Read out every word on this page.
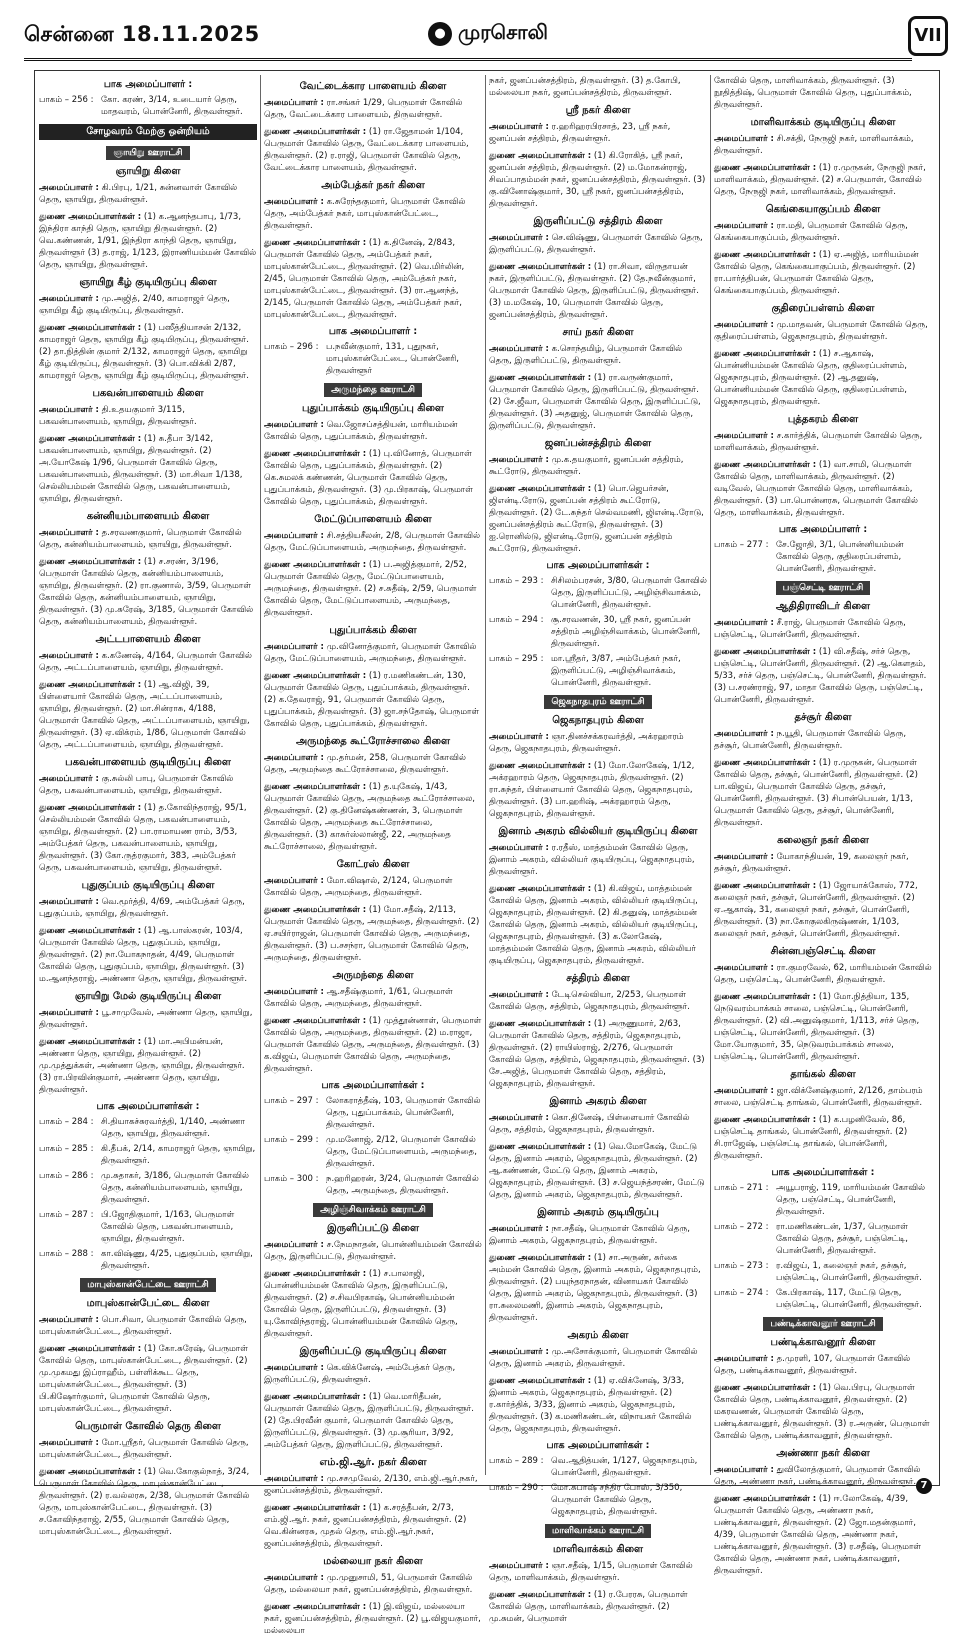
சென்னை 18.11.2025	● முரசொலி	VII
பாக அமைப்பாளர் :
பாகம் – 256 : கோ. கரண், 3/14, உடையார் தெரு, மாதவரம், பொன்னேரி, திருவள்ளூர்.
சோழவரம் மேற்கு ஒன்றியம்
ஞாயிறு ஊராட்சி
ஞாயிறு கிளை
அமைப்பாளர் : கி.பிரபு, 1/21, சுன்னவாள் கோவில் தெரு, ஞாயிறு, திருவள்ளூர்.
துணை அமைப்பாளர்கள் : (1) க.ஆனந்தபாபு, 1/73, இந்திரா காந்தி தெரு, ஞாயிறு திருவள்ளூர். (2) வெ.கண்ணன், 1/91, இந்திரா காந்தி தெரு, ஞாயிறு, திருவள்ளூர் (3) த.ராஜ், 1/123, இராணியம்மன் கோவில் தெரு, ஞாயிறு, திருவள்ளூர்.
ஞாயிறு கீழ் குடியிருப்பு கிளை
அமைப்பாளர் : மு.அஜித், 2/40, காமராஜர் தெரு, ஞாயிறு கீழ் குடியிருப்பு, திருவள்ளூர்.
துணை அமைப்பாளர்கள் : (1) பஸீத்தியாசன் 2/132, காமராஜர் தெரு, ஞாயிறு கீழ் குடியிருப்பு, திருவள்ளூர். (2) தா.நித்தின் குமார் 2/132, காமராஜர் தெரு, ஞாயிறு கீழ் குடியிருப்பு, திருவள்ளூர். (3) பொ.விக்கி 2/87, காமராஜர் தெரு, ஞாயிறு கீழ் குடியிருப்பு, திருவள்ளூர்.
பகவன்பாளையம் கிளை
அமைப்பாளர் : தி.உதயகுமார் 3/115, பகவன்பாளையம், ஞாயிறு, திருவள்ளூர்.
துணை அமைப்பாளர்கள் : (1) சு.தீபா 3/142, பகவன்பாளையம், ஞாயிறு, திருவள்ளூர். (2) அ.யோகேஷ் 1/96, பெருமாள் கோவில் தெரு, பகவன்பாளையம், திருவள்ளூர். (3) மா.சிவா 1/138, செல்லியம்மன் கோவில் தெரு, பகவன்பாளையம், ஞாயிறு, திருவள்ளூர்.
கன்னியம்பாளையம் கிளை
அமைப்பாளர் : த.சரவணகுமார், பெருமாள் கோவில் தெரு, கன்னியம்பாளையம், ஞாயிறு, திருவள்ளூர்.
துணை அமைப்பாளர்கள் : (1) ச.சரண், 3/196, பெருமாள் கோவில் தெரு, கன்னியம்பாளையம், ஞாயிறு, திருவள்ளூர். (2) ரா.குணால், 3/59, பெருமாள் கோவில் தெரு, கன்னியம்பாளையம், ஞாயிறு, திருவள்ளூர். (3) மு.சுரேஷ், 3/185, பெருமாள் கோவில் தெரு, கன்னியம்பாளையம், திருவள்ளூர்.
அட்டபாளையம் கிளை
அமைப்பாளர் : க.கணேஷ், 4/164, பெருமாள் கோவில் தெரு, அட்டப்பாளையம், ஞாயிறு, திருவள்ளூர்.
துணை அமைப்பாளர்கள் : (1) ஆ.விஜி, 39, பிள்ளையார் கோவில் தெரு, அட்டப்பாளையம், ஞாயிறு, திருவள்ளூர். (2) மா.சின்ராசு, 4/188, பெருமாள் கோவில் தெரு, அட்டப்பாளையம், ஞாயிறு, திருவள்ளூர். (3) ஏ.விக்ரம், 1/86, பெருமாள் கோவில் தெரு, அட்டப்பாளையம், ஞாயிறு, திருவள்ளூர்.
பகவன்பாளையம் குடியிருப்பு கிளை
அமைப்பாளர் : கு.சுல்லி பாபு, பெருமாள் கோவில் தெரு, பகவன்பாளையம், ஞாயிறு, திருவள்ளூர்.
துணை அமைப்பாளர்கள் : (1) த.கோவிந்தராஜ், 95/1, செல்லியம்மன் கோவில் தெரு, பகவன்பாளையம், ஞாயிறு, திருவள்ளூர். (2) பா.ராமாயண ராம், 3/53, அம்பேத்கர் தெரு, பகவன்பாளையம், ஞாயிறு, திருவள்ளூர். (3) கோ.ருத்ரகுமார், 383, அம்பேத்கர் தெரு, பகவன்பாளையம், ஞாயிறு, திருவள்ளூர்.
புதுகுப்பம் குடியிருப்பு கிளை
அமைப்பாளர் : வெ.மூர்த்தி, 4/69, அம்பேத்கர் தெரு, புதுகுப்பம், ஞாயிறு, திருவள்ளூர்.
துணை அமைப்பாளர்கள் : (1) ஆ.பாஸ்கரன், 103/4, பெருமாள் கோவில் தெரு, புதுகுப்பம், ஞாயிறு, திருவள்ளூர். (2) நா.யோகநாதன், 4/49, பெருமாள் கோவில் தெரு, புதுகுப்பம், ஞாயிறு, திருவள்ளூர். (3) ம.ஆனந்தராஜ், அண்ணா தெரு, ஞாயிறு, திருவள்ளூர்.
ஞாயிறு மேல் குடியிருப்பு கிளை
அமைப்பாளர் : பூ.சாமுவேல், அண்ணா தெரு, ஞாயிறு, திருவள்ளூர்.
துணை அமைப்பாளர்கள் : (1) மா.அபிமன்யன், அண்ணா தெரு, ஞாயிறு, திருவள்ளூர். (2) மு.முத்துக்கள், அண்ணா தெரு, ஞாயிறு, திருவள்ளூர். (3) ரா.பிரவின்குமார், அண்ணா தெரு, ஞாயிறு, திருவள்ளூர்.
பாக அமைப்பாளர்கள் :
பாகம் – 284 : சி.தியாகச்சுரவர்த்தி, 1/140, அண்ணா தெரு, ஞாயிறு, திருவள்ளூர்.
பாகம் – 285 : கி.தீபக், 2/14, காமராஜர் தெரு, ஞாயிறு, திருவள்ளூர்.
பாகம் – 286 : மு.சுதாகர், 3/186, பெருமாள் கோவில் தெரு, கன்னியம்பாளையம், ஞாயிறு, திருவள்ளூர்.
பாகம் – 287 : பி.ஜோதிகுமார், 1/163, பெருமாள் கோவில் தெரு, பகவன்பாளையம், ஞாயிறு, திருவள்ளூர்.
பாகம் – 288 : கா.விஷ்ணு, 4/25, புதுகுப்பம், ஞாயிறு, திருவள்ளூர்.
மாபுஸ்கான்பேட்டை ஊராட்சி
மாபுஸ்கான்பேட்டை கிளை
அமைப்பாளர் : பொ.சிவா, பெருமாள் கோவில் தெரு, மாபுஸ்கான்பேட்டை, திருவள்ளூர்.
துணை அமைப்பாளர்கள் : (1) கோ.சுரேஷ், பெருமாள் கோவில் தெரு, மாபுஸ்கான்பேட்டை, திருவள்ளூர். (2) மு.முகமது இப்ராஹீம், பள்ளிக்கூட தெரு, மாபுஸ்கான்பேட்டை, திருவள்ளூர். (3) பி.கிஷோர்குமார், பெருமாள் கோவில் தெரு, மாபுஸ்கான்பேட்டை, திருவள்ளூர்.
பெருமாள் கோவில் தெரு கிளை
அமைப்பாளர் : மோ.ஸ்ரீதர், பெருமாள் கோவில் தெரு, மாபுஸ்கான்பேட்டை, திருவள்ளூர்.
துணை அமைப்பாளர்கள் : (1) வெ.கோகுல்நாத், 3/24, பெருமாள் கோவில் தெரு, மாபுஸ்கான்பேட்டை, திருவள்ளூர். (2) ர.வல்லரசு, 2/38, பெருமாள் கோவில் தெரு, மாபுஸ்கான்பேட்டை, திருவள்ளூர். (3) ச.கோவிந்தராஜ், 2/55, பெருமாள் கோவில் தெரு, மாபுஸ்கான்பேட்டை, திருவள்ளூர்.
வேட்டைக்கார பாளையம் கிளை
அமைப்பாளர் : ரா.சங்கர் 1/29, பெருமாள் கோவில் தெரு, வேட்டைக்கார பாளையம், திருவள்ளூர்.
துணை அமைப்பாளர்கள் : (1) ரா.ஜேதாமன் 1/104, பெருமாள் கோவில் தெரு, வேட்டைக்கார பாளையம், திருவள்ளூர். (2) ர.ராஜி, பெருமாள் கோவில் தெரு, வேட்டைக்கார பாளையம், திருவள்ளூர்.
அம்பேத்கர் நகர் கிளை
அமைப்பாளர் : க.சுரேந்தகுமார், பெருமாள் கோவில் தெரு, அம்பேத்கர் நகர், மாபுஸ்கான்பேட்டை, திருவள்ளூர்.
துணை அமைப்பாளர்கள் : (1) க.தினேஷ், 2/843, பெருமாள் கோவில் தெரு, அம்பேத்கர் நகர், மாபுஸ்கான்பேட்டை, திருவள்ளூர். (2) வெ.மிர்லின், 2/45, பெருமாள் கோவில் தெரு, அம்பேத்கர் நகர், மாபுஸ்கான்பேட்டை, திருவள்ளூர். (3) ரா.ஆனந்த், 2/145, பெருமாள் கோவில் தெரு, அம்பேத்கர் நகர், மாபுஸ்கான்பேட்டை, திருவள்ளூர்.
பாக அமைப்பாளர் :
பாகம் – 296 : ப.நவீன்குமார், 131, புதுநகர், மாபுஸ்கான்பேட்டை, பொன்னேரி, திருவள்ளூர்
அருமந்தை ஊராட்சி
புதுப்பாக்கம் குடியிருப்பு கிளை
அமைப்பாளர் : வெ.ஜோசப்சத்தியன், மாரியம்மன் கோவில் தெரு, புதுப்பாக்கம், திருவள்ளூர்.
துணை அமைப்பாளர்கள் : (1) பு.வினோத், பெருமாள் கோவில் தெரு, புதுப்பாக்கம், திருவள்ளூர். (2) கெ.சுமலக் கண்ணன், பெருமாள் கோவில் தெரு, புதுப்பாக்கம், திருவள்ளூர். (3) மு.பிரகாஷ், பெருமாள் கோவில் தெரு, புதுப்பாக்கம், திருவள்ளூர்.
மேட்டுப்பாளையம் கிளை
அமைப்பாளர் : சி.சத்தியசீலன், 2/8, பெருமாள் கோவில் தெரு, மேட்டுப்பாளையம், அருமந்தை, திருவள்ளூர்.
துணை அமைப்பாளர்கள் : (1) ப.அஜித்குமார், 2/52, பெருமாள் கோவில் தெரு, மேட்டுப்பாளையம், அருமந்தை, திருவள்ளூர். (2) ச.சுதீஷ், 2/59, பெருமாள் கோவில் தெரு, மேட்டுப்பாளையம், அருமந்தை, திருவள்ளூர்.
புதுப்பாக்கம் கிளை
அமைப்பாளர் : மு.வினோத்குமார், பெருமாள் கோவில் தெரு, மேட்டுப்பாளையம், அருமந்தை, திருவள்ளூர்.
துணை அமைப்பாளர்கள் : (1) ர.மணிகண்டன், 130, பெருமாள் கோவில் தெரு, புதுப்பாக்கம், திருவள்ளூர். (2) க.தேவராஜ், 91, பெருமாள் கோவில் தெரு, புதுப்பாக்கம், திருவள்ளூர். (3) ஜா.சந்தோஷ், பெருமாள் கோவில் தெரு, புதுப்பாக்கம், திருவள்ளூர்.
அருமந்தை கூட்ரோச்சாலை கிளை
அமைப்பாளர் : மு.தர்மன், 258, பெருமாள் கோவில் தெரு, அருமந்தை கூட்ரோச்சாலை, திருவள்ளூர்.
துணை அமைப்பாளர்கள் : (1) த.யுகேஷ், 1/43, பெருமாள் கோவில் தெரு, அருமந்தை கூட்ரோச்சாலை, திருவள்ளூர். (2) கு.தினேஷ்கண்ணன், 3, பெருமாள் கோவில் தெரு, அருமந்தை கூட்ரோச்சாலை, திருவள்ளூர். (3) காசுர்ஸ்லான்ஜீ, 22, அருமந்தை கூட்ரோச்சாலை, திருவள்ளூர்.
கோட்ரஸ் கிளை
அமைப்பாளர் : மோ.விஷால், 2/124, பெருமாள் கோவில் தெரு, அருமந்தை, திருவள்ளூர்.
துணை அமைப்பாளர்கள் : (1) மோ.சதீஷ், 2/113, பெருமாள் கோவில் தெரு, அருமந்தை, திருவள்ளூர். (2) ஏ.சயிர்ராஜன், பெருமாள் கோவில் தெரு, அருமந்தை, திருவள்ளூர். (3) ப.சசந்ரா, பெருமாள் கோவில் தெரு, அருமந்தை, திருவள்ளூர்.
அருமந்தை கிளை
அமைப்பாளர் : ஆ.சதீஷ்குமார், 1/61, பெருமாள் கோவில் தெரு, அருமந்தை, திருவள்ளூர்.
துணை அமைப்பாளர்கள் : (1) முத்தூன்னாள், பெருமாள் கோவில் தெரு, அருமந்தை, திருவள்ளூர். (2) ம.ராஜா, பெருமாள் கோவில் தெரு, அருமந்தை, திருவள்ளூர். (3) க.விஜய், பெருமாள் கோவில் தெரு, அருமந்தை, திருவள்ளூர்.
பாக அமைப்பாளர்கள் :
பாகம் – 297 : லோகராத்தீஷ், 103, பெருமாள் கோவில் தெரு, புதுப்பாக்கம், பொன்னேரி, திருவள்ளூர்.
பாகம் – 299 : மு.மனோஜ், 2/12, பெருமாள் கோவில் தெரு, மேட்டுப்பாளையம், அருமந்தை, திருவள்ளூர்.
பாகம் – 300 : ந.ஹரிஹரன், 3/24, பெருமாள் கோவில் தெரு, அருமந்தை, திருவள்ளூர்.
அழிஞ்சிவாக்கம் ஊராட்சி
இருளிப்பட்டு கிளை
அமைப்பாளர் : ச.நேமநாதன், பொன்னியம்மன் கோவில் தெரு, இருளிப்பட்டு, திருவள்ளூர்.
துணை அமைப்பாளர்கள் : (1) ச.பாலாஜி, பொன்னியம்மன் கோவில் தெரு, இருளிப்பட்டு, திருவள்ளூர். (2) ச.சிவபிரகாஷ், பொன்னியம்மன் கோவில் தெரு, இருளிப்பட்டு, திருவள்ளூர். (3) யு.கோவிந்தராஜ், பொன்னியம்மன் கோவில் தெரு, திருவள்ளூர்.
இருளிப்பட்டு குடியிருப்பு கிளை
அமைப்பாளர் : கெ.விக்னேஷ், அம்பேத்கர் தெரு, இருளிப்பட்டு, திருவள்ளூர்.
துணை அமைப்பாளர்கள் : (1) வெ.மாரிதீபன், பெருமாள் கோவில் தெரு, இருளிப்பட்டு, திருவள்ளூர். (2) தே.பிரவீன் குமார், பெருமாள் கோவில் தெரு, இருளிப்பட்டு, திருவள்ளூர். (3) மு.சூரியா, 3/92, அம்பேத்கர் தெரு, இருளிப்பட்டு, திருவள்ளூர்.
எம்.ஜி.ஆர். நகர் கிளை
அமைப்பாளர் : மு.சசமுவேல், 2/130, எம்.ஜி.ஆர்.நகர், ஜனப்பன்சத்திரம், திருவள்ளூர்.
துணை அமைப்பாளர்கள் : (1) க.சரத்தீபன், 2/73, எம்.ஜி.ஆர். நகர், ஜனப்பன்சத்திரம், திருவள்ளூர். (2) வெ.கின்னரசு, முதல் தெரு, எம்.ஜி.ஆர்.நகர், ஜனப்பன்சத்திரம், திருவள்ளூர்.
மல்லையா நகர் கிளை
அமைப்பாளர் : மு.முனுசாமி, 51, பெருமாள் கோவில் தெரு, மல்லையா நகர், ஜனப்பன்சத்திரம், திருவள்ளூர்.
துணை அமைப்பாளர்கள் : (1) இ.விஜய், மல்லையா நகர், ஜனப்பன்சத்திரம், திருவள்ளூர். (2) பூ.விஜயகுமார், மல்லையா
நகர், ஜனப்பன்சத்திரம், திருவள்ளூர். (3) த.கோபி, மல்லையா நகர், ஜனப்பன்சத்திரம், திருவள்ளூர்.
ஸ்ரீ நகர் கிளை
அமைப்பாளர் : ர.ஹரிஹரபிரசாத், 23, ஸ்ரீ நகர், ஜனப்பன் சத்திரம், திருவள்ளூர்.
துணை அமைப்பாளர்கள் : (1) கி.ரோகித், ஸ்ரீ நகர், ஜனப்பன் சத்திரம், திருவள்ளூர். (2) ம.மோகன்ராஜ், சிவப்பாதம்மன் நகர், ஜனப்பன்சத்திரம், திருவள்ளூர். (3) கு.வினோஷ்குமார், 30, ஸ்ரீ நகர், ஜனப்பன்சத்திரம், திருவள்ளூர்.
இருளிப்பட்டு சத்திரம் கிளை
அமைப்பாளர் : செ.விஷ்ணு, பெருமாள் கோவில் தெரு, இருளிப்பட்டு, திருவள்ளூர்.
துணை அமைப்பாளர்கள் : (1) ரா.சிவா, விருதாயன் நகர், இருளிப்பட்டு, திருவள்ளூர். (2) தே.நவீன்குமார், பெருமாள் கோவில் தெரு, இருளிப்பட்டு, திருவள்ளூர். (3) ம.மகேஷ், 10, பெருமாள் கோவில் தெரு, ஜனப்பன்சத்திரம், திருவள்ளூர்.
சாய் நகர் கிளை
அமைப்பாளர் : க.சொந்தமிழ், பெருமாள் கோவில் தெரு, இருளிப்பட்டு, திருவள்ளூர்.
துணை அமைப்பாளர்கள் : (1) ரா.வருண்குமார், பெருமாள் கோவில் தெரு, இருளிப்பட்டு, திருவள்ளூர். (2) சே.ஜீவா, பெருமாள் கோவில் தெரு, இருளிப்பட்டு, திருவள்ளூர். (3) அதனுஜ், பெருமாள் கோவில் தெரு, இருளிப்பட்டு, திருவள்ளூர்.
ஜனப்பன்சத்திரம் கிளை
அமைப்பாளர் : மு.க.தயகுமார், ஜனப்பன் சத்திரம், கூட்ரோடு, திருவள்ளூர்.
துணை அமைப்பாளர்கள் : (1) பொ.ஜெபர்சன், ஜிஎன்டி.ரோடு, ஜனப்பன் சத்திரம் கூட்ரோடு, திருவள்ளூர். (2) டே.சுந்தர் செல்வமணி, ஜிஎன்டி.ரோடு, ஜனப்பன்சத்திரம் கூட்ரோடு, திருவள்ளூர். (3) ஐ.ரொனில்டு, ஜிஎன்டி.ரோடு, ஜனப்பன் சத்திரம் கூட்ரோடு, திருவள்ளூர்.
பாக அமைப்பாளர்கள் :
பாகம் – 293 : சிசிலம்பரசன், 3/80, பெருமாள் கோவில் தெரு, இருளிப்பட்டு, அழிஞ்சிவாக்கம், பொன்னேரி, திருவள்ளூர்.
பாகம் – 294 : சூ.சரவணன், 30, ஸ்ரீ நகர், ஜனப்பன் சத்திரம் அழிஞ்சிவாக்கம், பொன்னேரி, திருவள்ளூர்.
பாகம் – 295 : மா.ஸ்ரீதர், 3/87, அம்பேத்கர் நகர், இருளிப்பட்டு, அழிஞ்சிவாக்கம், பொன்னேரி, திருவள்ளூர்.
ஜெகநாதபுரம் ஊராட்சி
ஜெகநாதபுரம் கிளை
அமைப்பாளர் : ஞா.தினச்சக்கரவர்த்தி, அக்ரஹாரம் தெரு, ஜெகநாதபுரம், திருவள்ளூர்.
துணை அமைப்பாளர்கள் : (1) மோ.லோகேஷ், 1/12, அக்ரஹாரம் தெரு, ஜெகநாதபுரம், திருவள்ளூர். (2) ரா.சுந்தர், பிள்ளையார் கோவில் தெரு, ஜெகநாதபுரம், திருவள்ளூர். (3) பா.ஹரிஷ், அக்ரஹாரம் தெரு, ஜெகநாதபுரம், திருவள்ளூர்.
இனாம் அகரம் வில்லியர் குடியிருப்பு கிளை
அமைப்பாளர் : ர.ரதீஸ், மாத்தம்மன் கோவில் தெரு, இனாம் அகரம், வில்லியர் குடியிருப்பு, ஜெகநாதபுரம், திருவள்ளூர்.
துணை அமைப்பாளர்கள் : (1) கி.விஜய், மாத்தம்மன் கோவில் தெரு, இனாம் அகரம், வில்லியர் குடியிருப்பு, ஜெகநாதபுரம், திருவள்ளூர். (2) கி.தனுஷ், மாத்தம்மன் கோவில் தெரு, இனாம் அகரம், வில்லியர் குடியிருப்பு, ஜெகநாதபுரம், திருவள்ளூர். (3) க.லோகேஷ், மாத்தம்மன் கோவில் தெரு, இனாம் அகரம், வில்லியர் குடியிருப்பு, ஜெகநாதபுரம், திருவள்ளூர்.
சத்திரம் கிளை
அமைப்பாளர் : டேடிசெல்வியா, 2/253, பெருமாள் கோவில் தெரு, சத்திரம், ஜெகநாதபுரம், திருவள்ளூர்.
துணை அமைப்பாளர்கள் : (1) அருணுமார், 2/63, பெருமாள் கோவில் தெரு, சத்திரம், ஜெகநாதபுரம், திருவள்ளூர். (2) ராயிஸ்ராஜ், 2/276, பெருமாள் கோவில் தெரு, சத்திரம், ஜெகநாதபுரம், திருவள்ளூர். (3) சே.அஜித், பெருமாள் கோவில் தெரு, சத்திரம், ஜெகநாதபுரம், திருவள்ளூர்.
இனாம் அகரம் கிளை
அமைப்பாளர் : கொ.தினேஷ், பிள்ளையார் கோவில் தெரு, சத்திரம், ஜெகநாதபுரம், திருவள்ளூர்.
துணை அமைப்பாளர்கள் : (1) வெ.மோகேஷ், மேட்டு தெரு, இனாம் அகரம், ஜெகநாதபுரம், திருவள்ளூர். (2) ஆ.கண்ணன், மேட்டு தெரு, இனாம் அகரம், ஜெகநாதபுரம், திருவள்ளூர். (3) ச.ஜெயந்த்சரண், மேட்டு தெரு, இனாம் அகரம், ஜெகநாதபுரம், திருவள்ளூர்.
இனாம் அகரம் குடியிருப்பு
அமைப்பாளர் : நா.சதீஷ், பெருமாள் கோவில் தெரு, இனாம் அகரம், ஜெகநாதபுரம், திருவள்ளூர்.
துணை அமைப்பாளர்கள் : (1) சா.அருண், சுர்கை அம்மன் கோவில் தெரு, இனாம் அகரம், ஜெகநாதபுரம், திருவள்ளூர். (2) பயுந்தரநாதன், வினாயகர் கோவில் தெரு, இனாம் அகரம், ஜெகநாதபுரம், திருவள்ளூர். (3) ரா.சுலைமணி, இனாம் அகரம், ஜெகநாதபுரம், திருவள்ளூர்.
அகரம் கிளை
அமைப்பாளர் : மு.அசோக்குமார், பெருமாள் கோவில் தெரு, இனாம் அகரம், திருவள்ளூர்.
துணை அமைப்பாளர்கள் : (1) ஏ.விக்னேஷ், 3/33, இனாம் அகரம், ஜெகநாதபுரம், திருவள்ளூர். (2) ர.கார்த்திக், 3/33, இனாம் அகரம், ஜெகநாதபுரம், திருவள்ளூர். (3) க.மணிகண்டன், விநாயகர் கோவில் தெரு, ஜெகநாதபுரம், திருவள்ளூர்.
பாக அமைப்பாளர்கள் :
பாகம் – 289 : வெ.ஆதித்யன், 1/127, ஜெகநாதபுரம், பொன்னேரி, திருவள்ளூர்.
பாகம் – 290 : மோ.சுபாஷ் சந்திர போஸ், 3/350, பெருமாள் கோவில் தெரு, ஜெகநாதபுரம், திருவள்ளூர்.
மாளிவாக்கம் ஊராட்சி
மாளிவாக்கம் கிளை
அமைப்பாளர் : ஞா.சதீஷ், 1/15, பெருமாள் கோவில் தெரு, மாளிவாக்கம், திருவள்ளூர்.
துணை அமைப்பாளர்கள் : (1) ர.பேரரசு, பெருமாள் கோவில் தெரு, மாளிவாக்கம், திருவள்ளூர். (2) மு.சுமன், பெருமாள்
கோவில் தெரு, மாளிவாக்கம், திருவள்ளூர். (3) நூதித்திஷ், பெருமாள் கோவில் தெரு, புதுப்பாக்கம், திருவள்ளூர்.
மாளிவாக்கம் குடியிருப்பு கிளை
அமைப்பாளர் : சி.சக்தி, நேருஜி நகர், மாளிவாக்கம், திருவள்ளூர்.
துணை அமைப்பாளர்கள் : (1) ர.முருகன், நேருஜி நகர், மாளிவாக்கம், திருவள்ளூர். (2) ச.பெருமாள், கோவில் தெரு, நேருஜி நகர், மாளிவாக்கம், திருவள்ளூர்.
கெங்கையாகுப்பம் கிளை
அமைப்பாளர் : ரா.மதி, பெருமாள் கோவில் தெரு, கெங்கையாகுப்பம், திருவள்ளூர்.
துணை அமைப்பாளர்கள் : (1) ஏ.அஜித், மாரியம்மன் கோவில் தெரு, கெங்கையாகுப்பம், திருவள்ளூர். (2) ரா.பார்த்திபன், பெருமாள் கோவில் தெரு, கெங்கையாகுப்பம், திருவள்ளூர்.
குதிரைப்பள்ளம் கிளை
அமைப்பாளர் : மு.மாதவன், பெருமாள் கோவில் தெரு, குதிரைப்பள்ளம், ஜெகநாதபுரம், திருவள்ளூர்.
துணை அமைப்பாளர்கள் : (1) ச.ஆகாஷ், பொன்னியம்மன் கோவில் தெரு, குதிரைப்பள்ளம், ஜெகநாதபுரம், திருவள்ளூர். (2) ஆ.தனுஷ், பொன்னியம்மன் கோவில் தெரு, குதிரைப்பள்ளம், ஜெகநாதபுரம், திருவள்ளூர்.
புத்தகரம் கிளை
அமைப்பாளர் : ச.கார்த்திக், பெருமாள் கோவில் தெரு, மாளிவாக்கம், திருவள்ளூர்.
துணை அமைப்பாளர்கள் : (1) வா.சாமி, பெருமாள் கோவில் தெரு, மாளிவாக்கம், திருவள்ளூர். (2) வடிவேல், பெருமாள் கோவில் தெரு, மாளிவாக்கம், திருவள்ளூர். (3) பா.பொன்னரசு, பெருமாள் கோவில் தெரு, மாளிவாக்கம், திருவள்ளூர்.
பாக அமைப்பாளர் :
பாகம் – 277 : சே.ஜோதி, 3/1, பொன்னியம்மன் கோவில் தெரு, குதிரைப்பள்ளம், பொன்னேரி, திருவள்ளூர்.
பஞ்செட்டி ஊராட்சி
ஆதிதிராவிடர் கிளை
அமைப்பாளர் : சீ.ராஜ், பெருமாள் கோவில் தெரு, பஞ்செட்டி, பொன்னேரி, திருவள்ளூர்.
துணை அமைப்பாளர்கள் : (1) வி.சதீஷ், சர்ச் தெரு, பஞ்செட்டி, பொன்னேரி, திருவள்ளூர். (2) ஆ.கௌதம், 5/33, சர்ச் தெரு, பஞ்செட்டி, பொன்னேரி, திருவள்ளூர். (3) ப.சரண்ராஜ், 97, மாதா கோவில் தெரு, பஞ்செட்டி, பொன்னேரி, திருவள்ளூர்.
தச்சூர் கிளை
அமைப்பாளர் : ந.யூதி, பெருமாள் கோவில் தெரு, தச்சூர், பொன்னேரி, திருவள்ளூர்.
துணை அமைப்பாளர்கள் : (1) ர.முருகன், பெருமாள் கோவில் தெரு, தச்சூர், பொன்னேரி, திருவள்ளூர். (2) பா.விஜய், பெருமாள் கோவில் தெரு, தச்சூர், பொன்னேரி, திருவள்ளூர். (3) சிபான்பெயன், 1/13, பெருமாள் கோவில் தெரு, தச்சூர், பொன்னேரி, திருவள்ளூர்.
கலைஞர் நகர் கிளை
அமைப்பாளர் : யோகாந்தியன், 19, கலைஞர் நகர், தச்சூர், திருவள்ளூர்.
துணை அமைப்பாளர்கள் : (1) ஜோயாக்கோஸ், 772, கலைஞர் நகர், தச்சூர், பொன்னேரி, திருவள்ளூர். (2) ஏ.ஆகாஷ், 31, கலைஞர் நகர், தச்சூர், பொன்னேரி, திருவள்ளூர். (3) நா.கோகுலகிருஷ்ணன், 1/103, கலைஞர் நகர், தச்சூர், பொன்னேரி, திருவள்ளூர்.
சின்னபஞ்செட்டி கிளை
அமைப்பாளர் : ரா.குமரவேல், 62, மாரியம்மன் கோவில் தெரு, பஞ்செட்டி, பொன்னேரி, திருவள்ளூர்.
துணை அமைப்பாளர்கள் : (1) மோ.நித்தியா, 135, நெடுவரம்பாக்கம் சாலை, பஞ்செட்டி, பொன்னேரி, திருவள்ளூர். (2) வி.அனுஷ்குமார், 1/113, சர்ச் தெரு, பஞ்செட்டி, பொன்னேரி, திருவள்ளூர். (3) மோ.யோகுமார், 35, நெடுவரம்பாக்கம் சாலை, பஞ்செட்டி, பொன்னேரி, திருவள்ளூர்.
தாங்கல் கிளை
அமைப்பாளர் : ஜா.விக்னேஷ்குமார், 2/126, தாம்பரம் சாலை, பஞ்செட்டி தாங்கல், பொன்னேரி, திருவள்ளூர்.
துணை அமைப்பாளர்கள் : (1) க.பழனிவேல், 86, பஞ்செட்டி தாங்கல், பொன்னேரி, திருவள்ளூர். (2) சி.ராஜேஷ், பஞ்செட்டி தாங்கல், பொன்னேரி, திருவள்ளூர்.
பாக அமைப்பாளர்கள் :
பாகம் – 271 : அயூபராஜ், 119, மாரியம்மன் கோவில் தெரு, பஞ்செட்டி, பொன்னேரி, திருவள்ளூர்.
பாகம் – 272 : ரா.மணிகண்டன், 1/37, பெருமாள் கோவில் தெரு, தச்சூர், பஞ்செட்டி, பொன்னேரி, திருவள்ளூர்.
பாகம் – 273 : ர.விஜய், 1, கலைஞர் நகர், தச்சூர், பஞ்செட்டி, பொன்னேரி, திருவள்ளூர்.
பாகம் – 274 : கே.பிரகாஷ், 117, மேட்டு தெரு, பஞ்செட்டி, பொன்னேரி, திருவள்ளூர்.
பண்டிக்காவனூர் ஊராட்சி
பண்டிக்காவனூர் கிளை
அமைப்பாளர் : த.முரளி, 107, பெருமாள் கோவில் தெரு, பண்டிக்காவனூர், திருவள்ளூர்.
துணை அமைப்பாளர்கள் : (1) வெ.பிரபு, பெருமாள் கோவில் தெரு, பண்டிக்காவனூர், திருவள்ளூர். (2) மகரவணன், பெருமாள் கோவில் தெரு, பண்டிக்காவனூர், திருவள்ளூர். (3) ர.அருண், பெருமாள் கோவில் தெரு, பண்டிக்காவனூர், திருவள்ளூர்.
அண்ணா நகர் கிளை
அமைப்பாளர் : துவிலோத்குமார், பெருமாள் கோவில் தெரு, அண்ணா நகர், பண்டிக்காவனூர், திருவள்ளூர்.
துணை அமைப்பாளர்கள் : (1) ஈ.லோகேஷ், 4/39, பெருமாள் கோவில் தெரு, அண்ணா நகர், பண்டிக்காவனூர், திருவள்ளூர். (2) ஜோ.மதன்குமார், 4/39, பெருமாள் கோவில் தெரு, அண்ணா நகர், பண்டிக்காவனூர், திருவள்ளூர். (3) ர.சதீஷ், பெருமாள் கோவில் தெரு, அண்ணா நகர், பண்டிக்காவனூர், திருவள்ளூர்.
7
